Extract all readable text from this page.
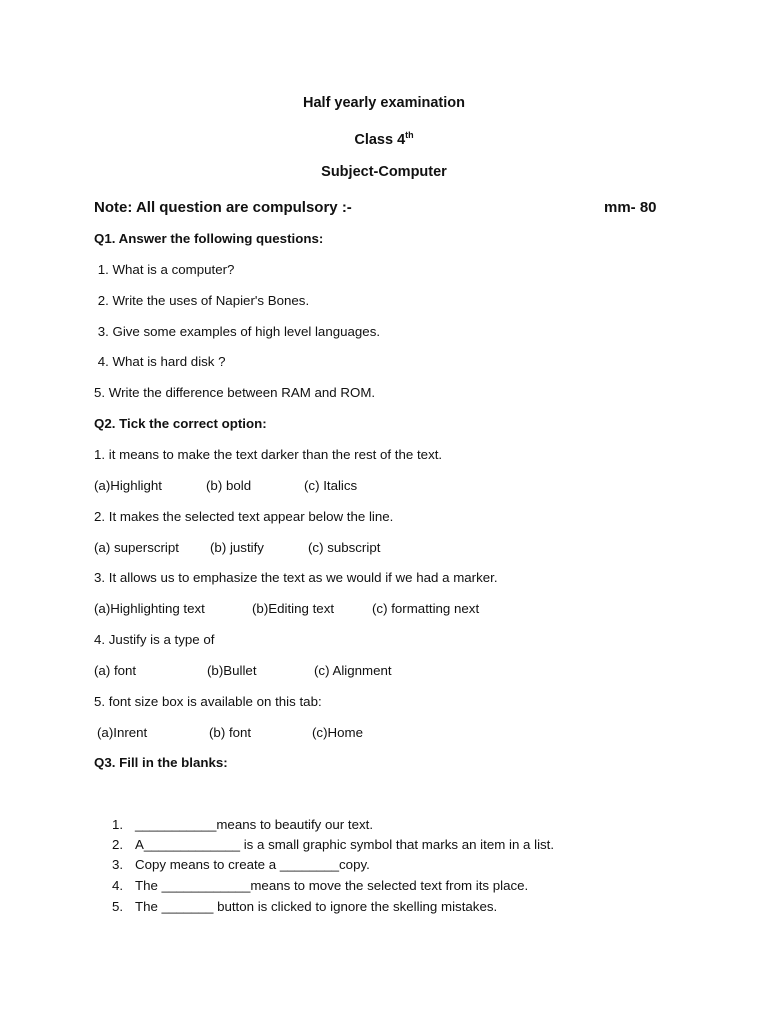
Half yearly examination
Class 4th
Subject-Computer
Note: All question are compulsory :-	mm- 80
Q1. Answer the following questions:
1. What is a computer?
2. Write the uses of Napier's Bones.
3. Give some examples of high level languages.
4. What is hard disk ?
5. Write the difference between RAM and ROM.
Q2. Tick the correct option:
1. it means to make the text darker than the rest of the text.
(a)Highlight	(b) bold	(c) Italics
2. It makes the selected text appear below the line.
(a) superscript (b) justify	(c) subscript
3. It allows us to emphasize the text as we would if we had a marker.
(a)Highlighting text	(b)Editing text	(c) formatting next
4. Justify is a type of
(a) font	(b)Bullet	(c) Alignment
5. font size box is available on this tab:
(a)Inrent	(b) font	(c)Home
Q3. Fill in the blanks:
1. ___________means to beautify our text.
2. A_____________ is a small graphic symbol that marks an item in a list.
3. Copy means to create a ________copy.
4. The ____________means to move the selected text from its place.
5. The _______ button is clicked to ignore the skelling mistakes.
